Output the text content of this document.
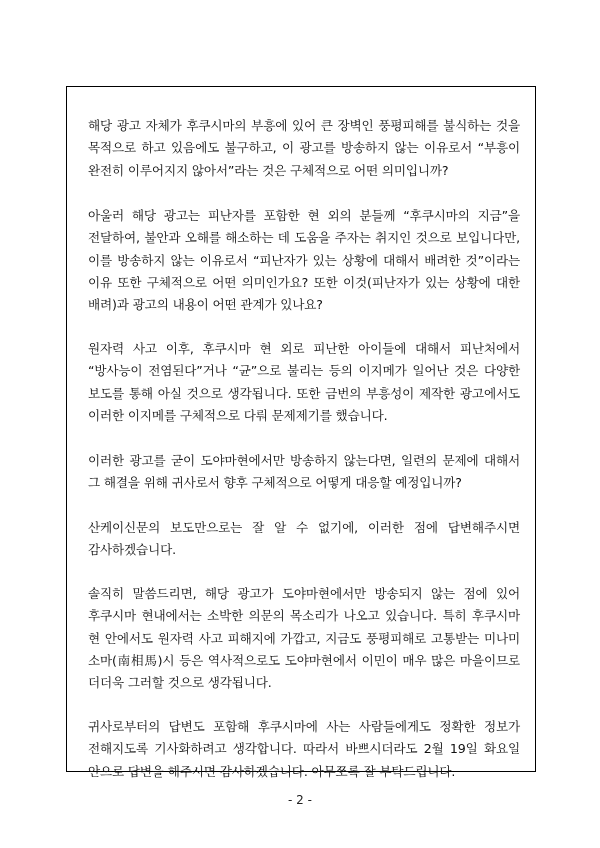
해당 광고 자체가 후쿠시마의 부흥에 있어 큰 장벽인 풍평피해를 불식하는 것을 목적으로 하고 있음에도 불구하고, 이 광고를 방송하지 않는 이유로서 “부흥이 완전히 이루어지지 않아서”라는 것은 구체적으로 어떤 의미입니까?

아울러 해당 광고는 피난자를 포함한 현 외의 분들께 “후쿠시마의 지금”을 전달하여, 불안과 오해를 해소하는 데 도움을 주자는 취지인 것으로 보입니다만, 이를 방송하지 않는 이유로서 “피난자가 있는 상황에 대해서 배려한 것”이라는 이유 또한 구체적으로 어떤 의미인가요? 또한 이것(피난자가 있는 상황에 대한 배려)과 광고의 내용이 어떤 관계가 있나요?

원자력 사고 이후, 후쿠시마 현 외로 피난한 아이들에 대해서 피난처에서 “방사능이 전염된다”거나 “균”으로 불리는 등의 이지메가 일어난 것은 다양한 보도를 통해 아실 것으로 생각됩니다. 또한 금번의 부흥성이 제작한 광고에서도 이러한 이지메를 구체적으로 다뤄 문제제기를 했습니다.

이러한 광고를 굳이 도야마현에서만 방송하지 않는다면, 일련의 문제에 대해서 그 해결을 위해 귀사로서 향후 구체적으로 어떻게 대응할 예정입니까?

산케이신문의 보도만으로는 잘 알 수 없기에, 이러한 점에 답변해주시면 감사하겠습니다.

솔직히 말씀드리면, 해당 광고가 도야마현에서만 방송되지 않는 점에 있어 후쿠시마 현내에서는 소박한 의문의 목소리가 나오고 있습니다. 특히 후쿠시마 현 안에서도 원자력 사고 피해지에 가깝고, 지금도 풍평피해로 고통받는 미나미 소마(南相馬)시 등은 역사적으로도 도야마현에서 이민이 매우 많은 마을이므로 더더욱 그러할 것으로 생각됩니다.

귀사로부터의 답변도 포함해 후쿠시마에 사는 사람들에게도 정확한 정보가 전해지도록 기사화하려고 생각합니다. 따라서 바쁘시더라도 2월 19일 화요일 안으로 답변을 해주시면 감사하겠습니다. 아무쪼록 잘 부탁드립니다.

- 2 -
